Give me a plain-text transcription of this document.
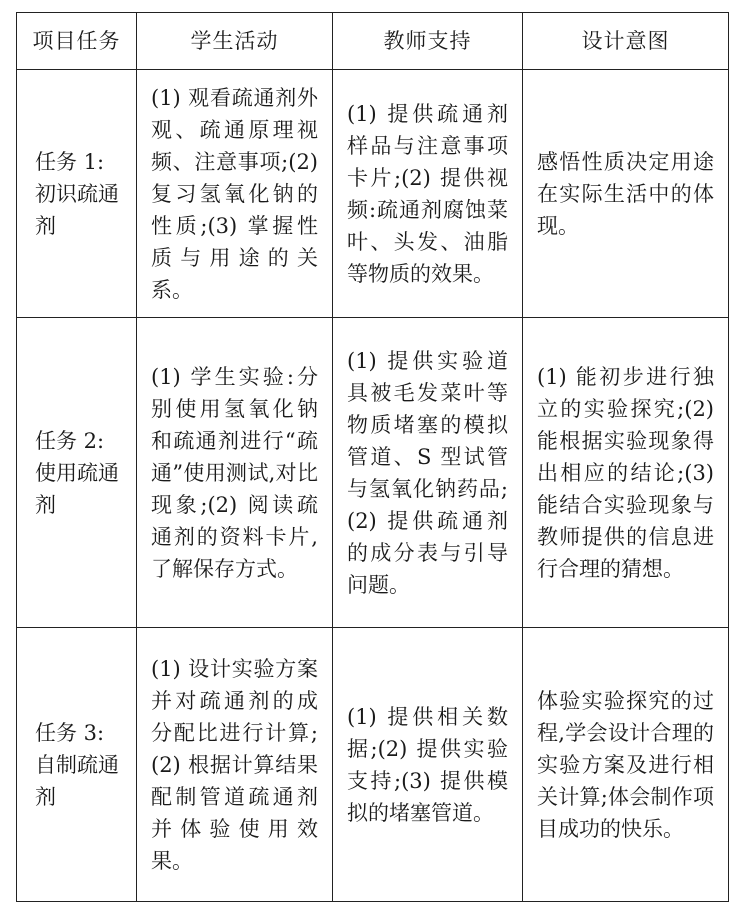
项目任务	学生活动	教师支持	设计意图

任务 1: 初识疏通剂	(1) 观看疏通剂外观、疏通原理视频、注意事项;(2) 复习氢氧化钠的性质;(3) 掌握性质与用途的关系。	(1) 提供疏通剂样品与注意事项卡片;(2) 提供视频:疏通剂腐蚀菜叶、头发、油脂等物质的效果。	感悟性质决定用途在实际生活中的体现。

任务 2: 使用疏通剂	(1) 学生实验:分别使用氢氧化钠和疏通剂进行“疏通”使用测试,对比现象;(2) 阅读疏通剂的资料卡片,了解保存方式。	(1) 提供实验道具被毛发菜叶等物质堵塞的模拟管道、S 型试管与氢氧化钠药品;(2) 提供疏通剂的成分表与引导问题。	(1) 能初步进行独立的实验探究;(2) 能根据实验现象得出相应的结论;(3) 能结合实验现象与教师提供的信息进行合理的猜想。

任务 3: 自制疏通剂	(1) 设计实验方案并对疏通剂的成分配比进行计算;(2) 根据计算结果配制管道疏通剂并体验使用效果。	(1) 提供相关数据;(2) 提供实验支持;(3) 提供模拟的堵塞管道。	体验实验探究的过程,学会设计合理的实验方案及进行相关计算;体会制作项目成功的快乐。
